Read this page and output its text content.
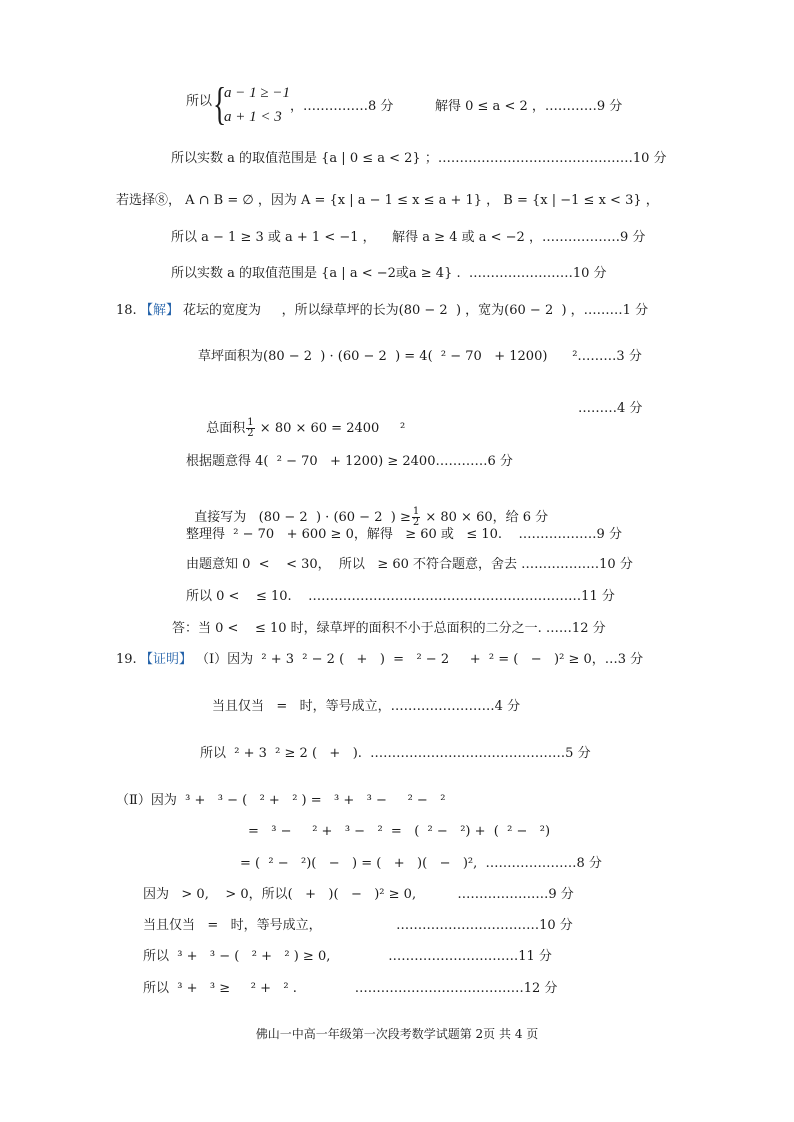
所以 {
a − 1 ≥ −1
a + 1 < 3
，……………8 分	解得 0 ≤ a < 2 ，…………9 分
所以实数 a 的取值范围是 {a | 0 ≤ a < 2} ；………………………………………10 分
若选择⑧， A ∩ B = ∅ ，因为 A = {x | a − 1 ≤ x ≤ a + 1} ， B = {x | −1 ≤ x < 3} ，
所以 a − 1 ≥ 3 或 a + 1 < −1 ，    解得 a ≥ 4 或 a < −2 ，………………9 分
所以实数 a 的取值范围是 {a | a < −2或a ≥ 4} .  ……………………10 分
18. 【解】 花坛的宽度为     ，所以绿草坪的长为(80 − 2  ) ，宽为(60 − 2  ) ，………1 分
草坪面积为(80 − 2  ) · (60 − 2  ) = 4(  ² − 70   + 1200)      ²………3 分

总面积 $\frac{1}{2} \times 80 \times 60 = 2400$     ²

………4 分
根据题意得 4(  ² − 70   + 1200) ≥ 2400…………6 分

直接写为   (80 − 2  ) · (60 − 2  ) ≥ $\frac{1}{2} \times 80 \times 60$，给 6 分

整理得  ² − 70   + 600 ≥ 0，解得   ≥ 60 或   ≤ 10.    ………………9 分
由题意知 0  <    < 30，  所以   ≥ 60 不符合题意，舍去 ………………10 分
所以 0 <    ≤ 10.    ………………………………………………………11 分
答：当 0 <    ≤ 10 时，绿草坪的面积不小于总面积的二分之一. ……12 分
19. 【证明】 （Ⅰ）因为  ² + 3  ² − 2 (   +   )  =   ² − 2     +  ² = (   −   )² ≥ 0，…3 分
当且仅当   =   时，等号成立，……………………4 分
所以  ² + 3  ² ≥ 2 (   +   ).  ………………………………………5 分
（Ⅱ）因为  ³ +   ³ − (   ² +   ² ) =   ³ +   ³ −     ² −   ²
=   ³ −     ² +   ³ −   ²  =   (  ² −   ²) +  (  ² −   ²)
= (  ² −   ²)(   −   ) = (   +   )(   −   )²,  …………………8 分
因为   > 0,    > 0，所以(   +   )(   −   )² ≥ 0,          …………………9 分
当且仅当   =   时，等号成立，                  ……………………………10 分
所以  ³ +   ³ − (   ² +   ² ) ≥ 0,              …………………………11 分
所以  ³ +   ³ ≥     ² +   ² .              …………………………………12 分
佛山一中高一年级第一次段考数学试题第 2页 共 4 页
